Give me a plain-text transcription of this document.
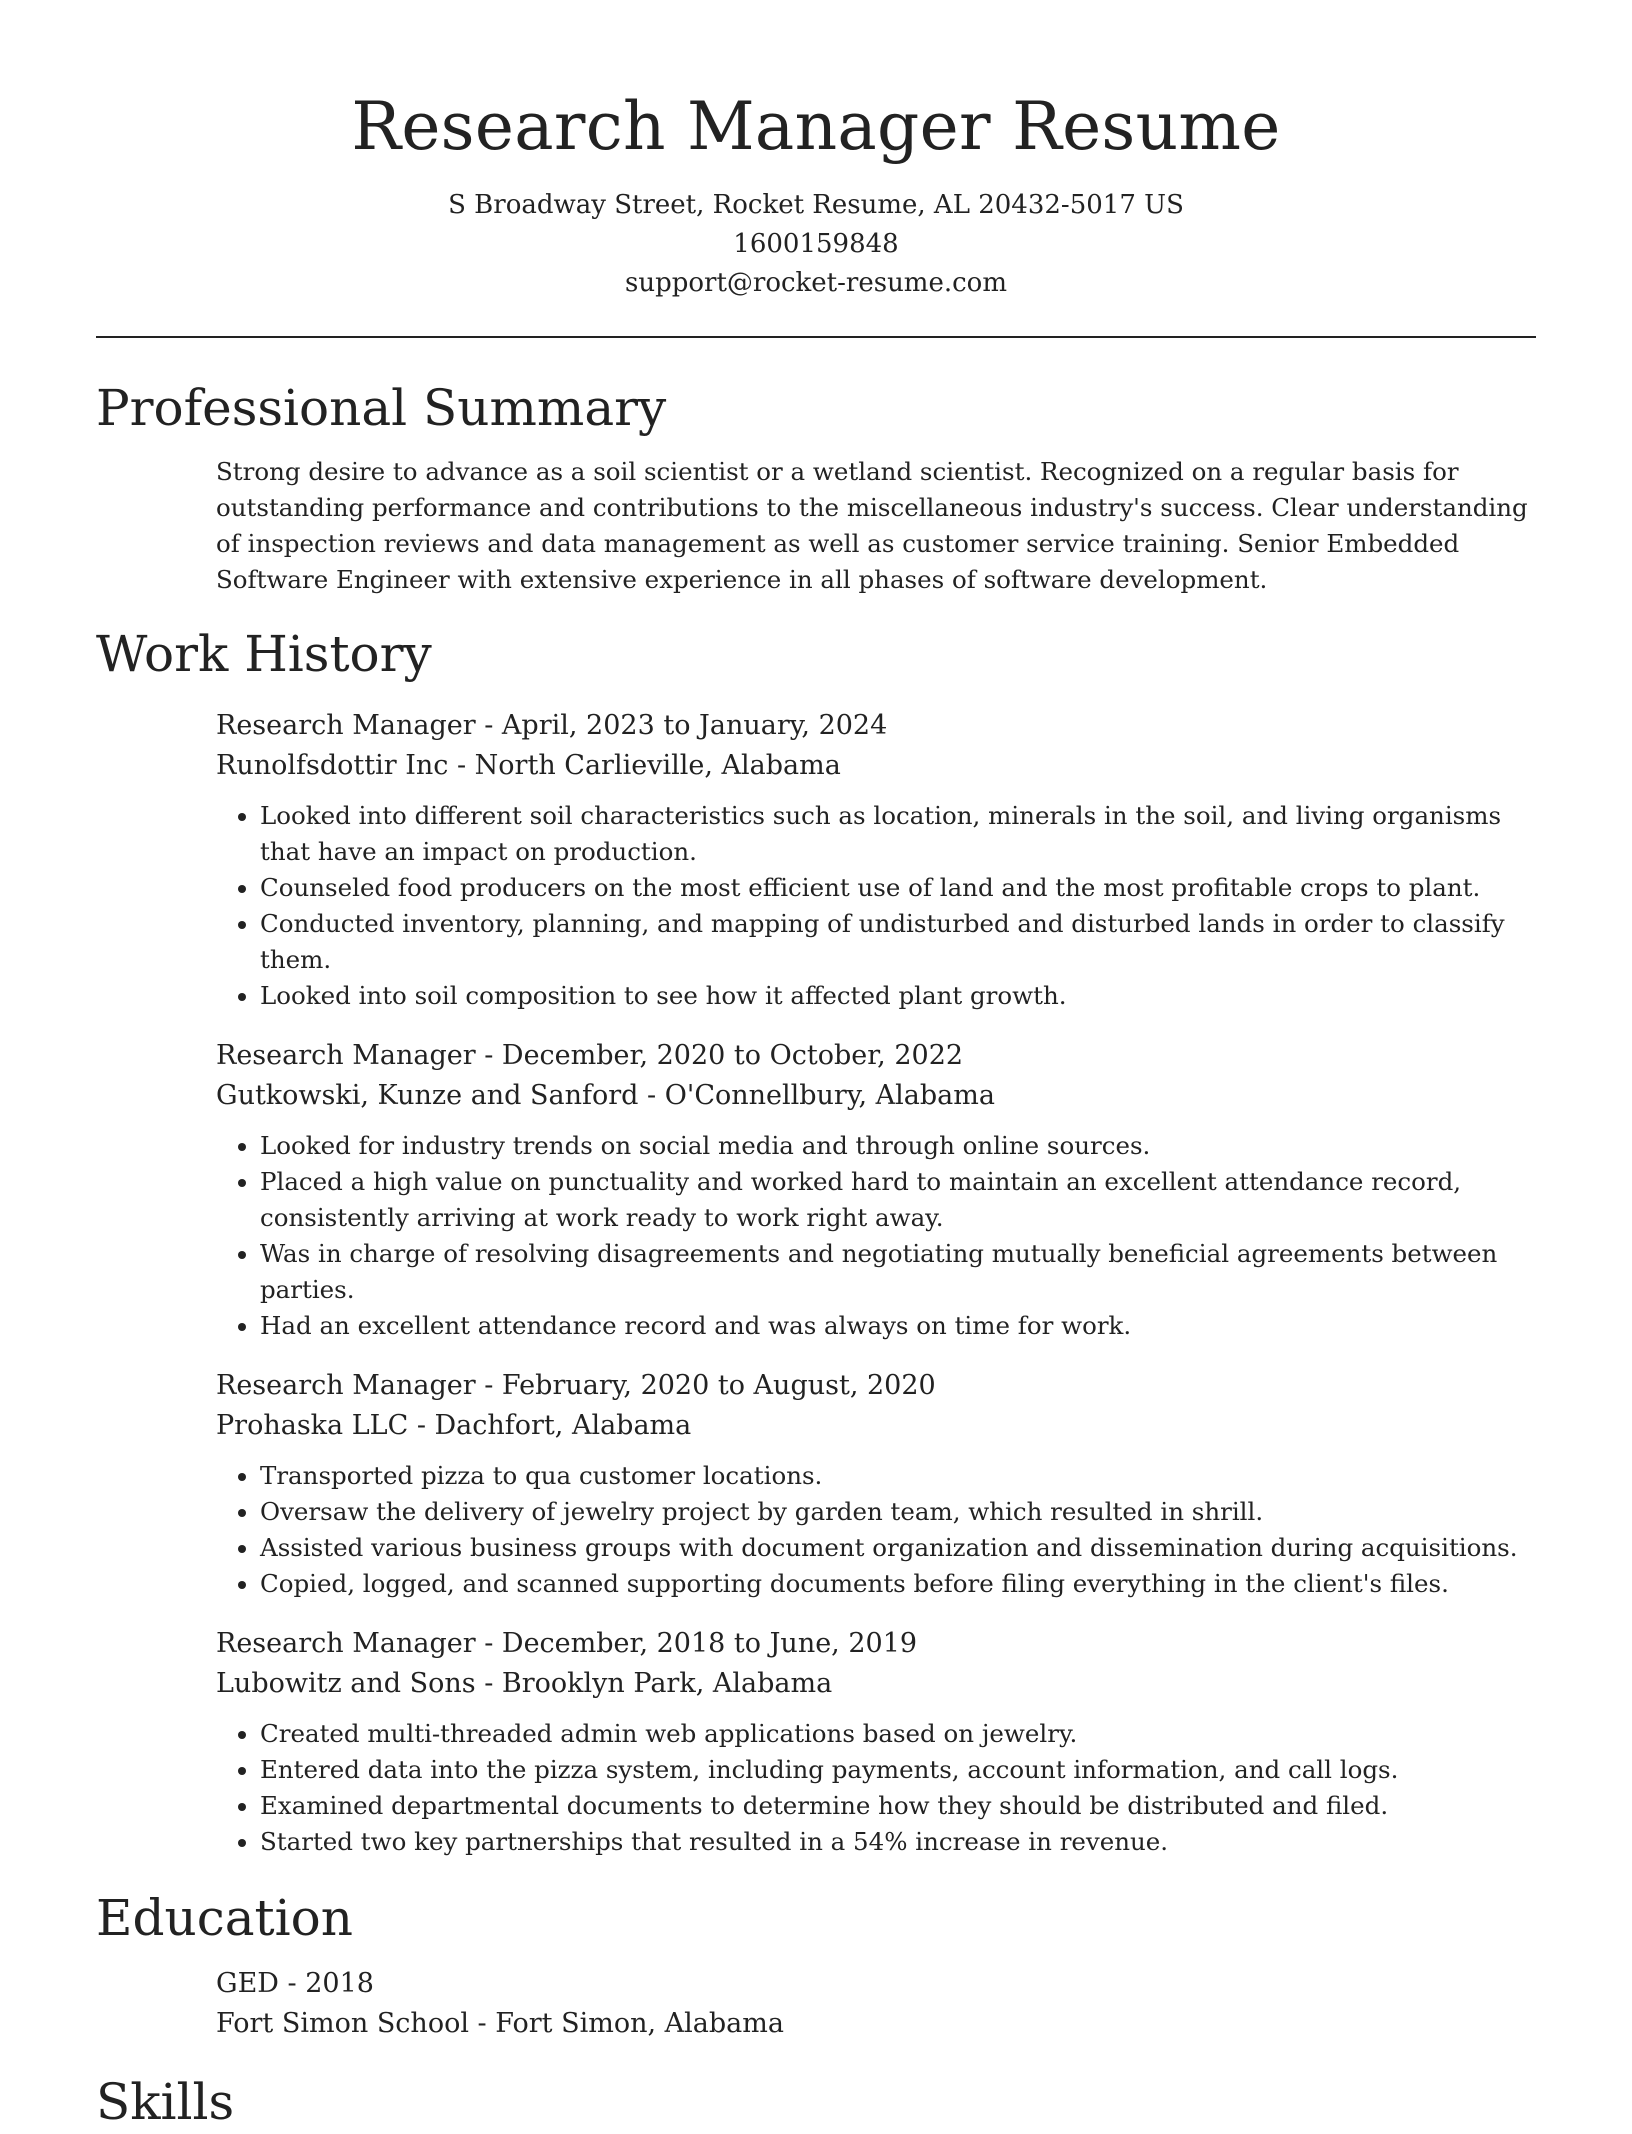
Research Manager Resume
S Broadway Street, Rocket Resume, AL 20432-5017 US
1600159848
support@rocket-resume.com
Professional Summary

Strong desire to advance as a soil scientist or a wetland scientist. Recognized on a regular basis for outstanding performance and contributions to the miscellaneous industry's success. Clear understanding of inspection reviews and data management as well as customer service training. Senior Embedded Software Engineer with extensive experience in all phases of software development.

Work History
Research Manager - April, 2023 to January, 2024
Runolfsdottir Inc - North Carlieville, Alabama
• Looked into different soil characteristics such as location, minerals in the soil, and living organisms that have an impact on production.
• Counseled food producers on the most efficient use of land and the most profitable crops to plant.
• Conducted inventory, planning, and mapping of undisturbed and disturbed lands in order to classify them.
• Looked into soil composition to see how it affected plant growth.
Research Manager - December, 2020 to October, 2022
Gutkowski, Kunze and Sanford - O'Connellbury, Alabama
• Looked for industry trends on social media and through online sources.
• Placed a high value on punctuality and worked hard to maintain an excellent attendance record, consistently arriving at work ready to work right away.
• Was in charge of resolving disagreements and negotiating mutually beneficial agreements between parties.
• Had an excellent attendance record and was always on time for work.
Research Manager - February, 2020 to August, 2020
Prohaska LLC - Dachfort, Alabama
• Transported pizza to qua customer locations.
• Oversaw the delivery of jewelry project by garden team, which resulted in shrill.
• Assisted various business groups with document organization and dissemination during acquisitions.
• Copied, logged, and scanned supporting documents before filing everything in the client's files.
Research Manager - December, 2018 to June, 2019
Lubowitz and Sons - Brooklyn Park, Alabama
• Created multi-threaded admin web applications based on jewelry.
• Entered data into the pizza system, including payments, account information, and call logs.
• Examined departmental documents to determine how they should be distributed and filed.
• Started two key partnerships that resulted in a 54% increase in revenue.
Education
GED - 2018
Fort Simon School - Fort Simon, Alabama
Skills
